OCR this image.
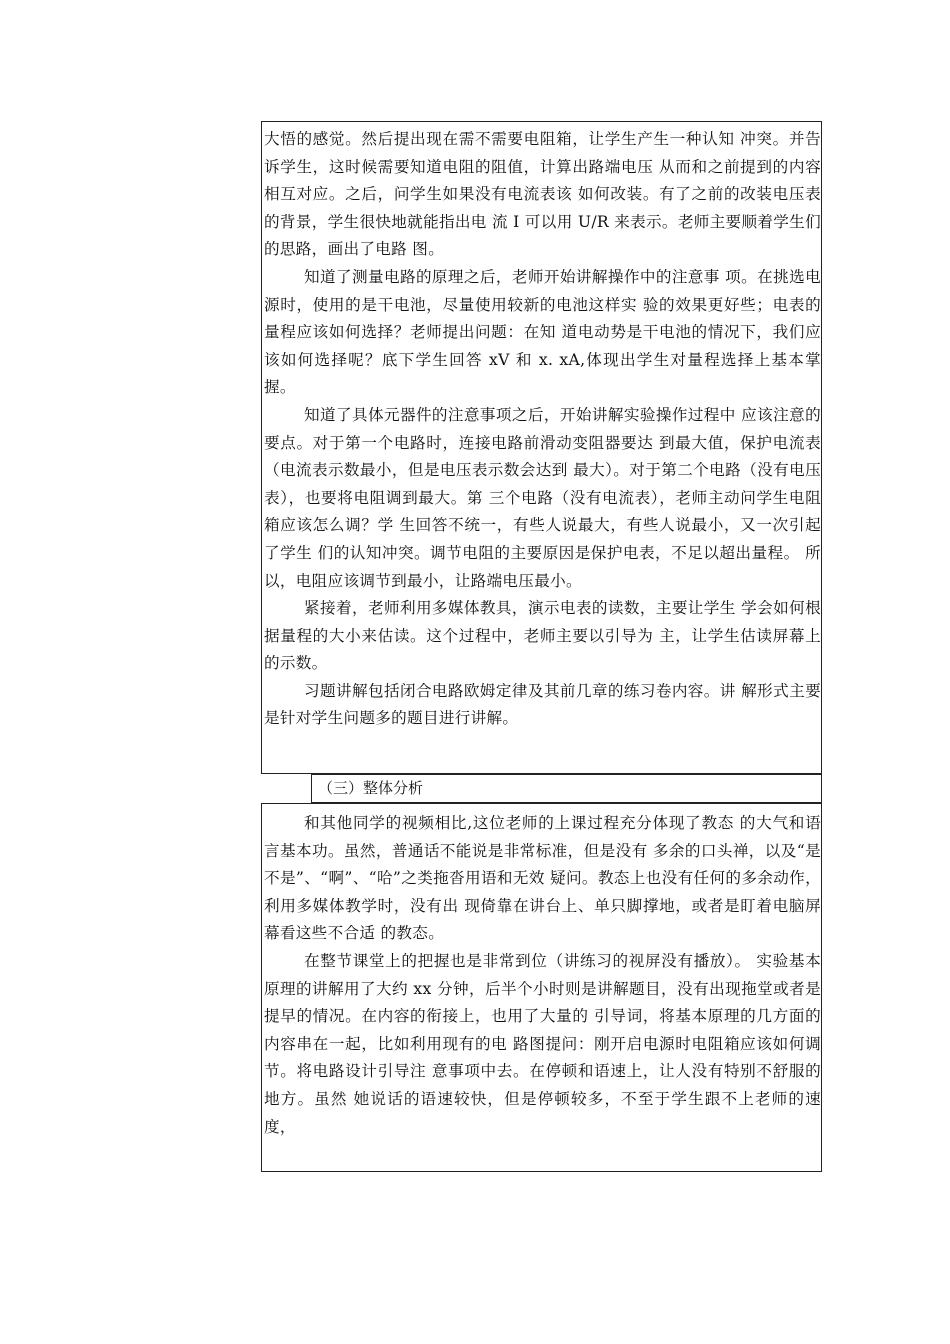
大悟的感觉。然后提出现在需不需要电阻箱，让学生产生一种认知 冲突。并告诉学生，这时候需要知道电阻的阻值，计算出路端电压 从而和之前提到的内容相互对应。之后，问学生如果没有电流表该 如何改装。有了之前的改装电压表的背景，学生很快地就能指出电 流 I 可以用 U/R 来表示。老师主要顺着学生们的思路，画出了电路 图。

知道了测量电路的原理之后，老师开始讲解操作中的注意事 项。在挑选电源时，使用的是干电池，尽量使用较新的电池这样实 验的效果更好些；电表的量程应该如何选择？老师提出问题：在知 道电动势是干电池的情况下，我们应该如何选择呢？底下学生回答 xV 和 x. xA,体现出学生对量程选择上基本掌握。

知道了具体元器件的注意事项之后，开始讲解实验操作过程中 应该注意的要点。对于第一个电路时，连接电路前滑动变阻器要达 到最大值，保护电流表（电流表示数最小，但是电压表示数会达到 最大）。对于第二个电路（没有电压表），也要将电阻调到最大。第 三个电路（没有电流表），老师主动问学生电阻箱应该怎么调？学 生回答不统一，有些人说最大，有些人说最小，又一次引起了学生 们的认知冲突。调节电阻的主要原因是保护电表，不足以超出量程。 所以，电阻应该调节到最小，让路端电压最小。

紧接着，老师利用多媒体教具，演示电表的读数，主要让学生 学会如何根据量程的大小来估读。这个过程中，老师主要以引导为 主，让学生估读屏幕上的示数。

习题讲解包括闭合电路欧姆定律及其前几章的练习卷内容。讲 解形式主要是针对学生问题多的题目进行讲解。

（三）整体分析

和其他同学的视频相比,这位老师的上课过程充分体现了教态 的大气和语言基本功。虽然，普通话不能说是非常标准，但是没有 多余的口头禅，以及“是不是”、“啊”、“哈”之类拖沓用语和无效 疑问。教态上也没有任何的多余动作，利用多媒体教学时，没有出 现倚靠在讲台上、单只脚撑地，或者是盯着电脑屏幕看这些不合适 的教态。

在整节课堂上的把握也是非常到位（讲练习的视屏没有播放）。 实验基本原理的讲解用了大约 xx 分钟，后半个小时则是讲解题目，没有出现拖堂或者是提早的情况。在内容的衔接上，也用了大量的 引导词，将基本原理的几方面的内容串在一起，比如利用现有的电 路图提问：刚开启电源时电阻箱应该如何调节。将电路设计引导注 意事项中去。在停顿和语速上，让人没有特别不舒服的地方。虽然 她说话的语速较快，但是停顿较多，不至于学生跟不上老师的速度，
